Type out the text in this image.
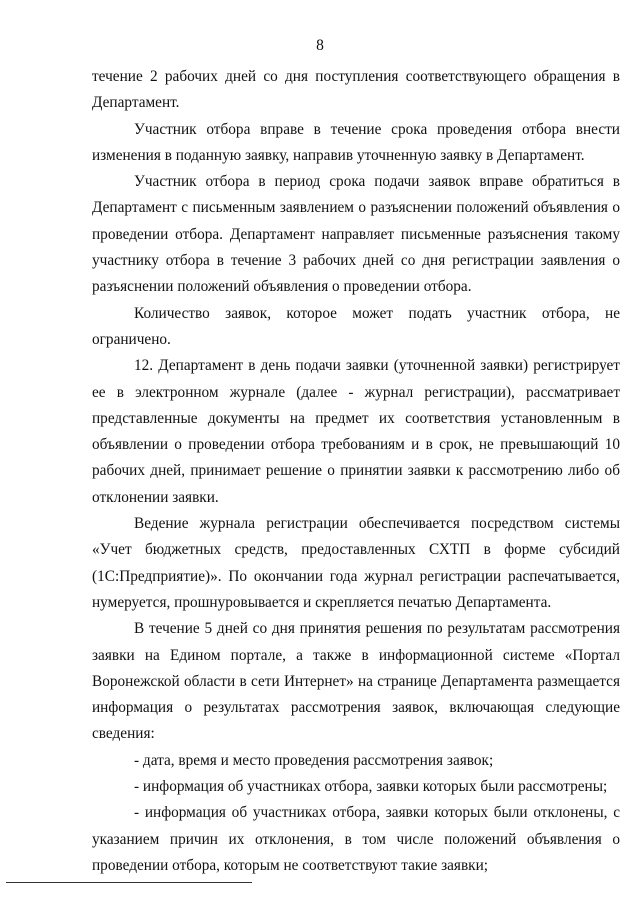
8

течение 2 рабочих дней со дня поступления соответствующего обращения в Департамент.

Участник отбора вправе в течение срока проведения отбора внести изменения в поданную заявку, направив уточненную заявку в Департамент.

Участник отбора в период срока подачи заявок вправе обратиться в Департамент с письменным заявлением о разъяснении положений объявления о проведении отбора. Департамент направляет письменные разъяснения такому участнику отбора в течение 3 рабочих дней со дня регистрации заявления о разъяснении положений объявления о проведении отбора.

Количество заявок, которое может подать участник отбора, не ограничено.

12. Департамент в день подачи заявки (уточненной заявки) регистрирует ее в электронном журнале (далее - журнал регистрации), рассматривает представленные документы на предмет их соответствия установленным в объявлении о проведении отбора требованиям и в срок, не превышающий 10 рабочих дней, принимает решение о принятии заявки к рассмотрению либо об отклонении заявки.

Ведение журнала регистрации обеспечивается посредством системы «Учет бюджетных средств, предоставленных СХТП в форме субсидий (1С:Предприятие)». По окончании года журнал регистрации распечатывается, нумеруется, прошнуровывается и скрепляется печатью Департамента.

В течение 5 дней со дня принятия решения по результатам рассмотрения заявки на Едином портале, а также в информационной системе «Портал Воронежской области в сети Интернет» на странице Департамента размещается информация о результатах рассмотрения заявок, включающая следующие сведения:

- дата, время и место проведения рассмотрения заявок;

- информация об участниках отбора, заявки которых были рассмотрены;

- информация об участниках отбора, заявки которых были отклонены, с указанием причин их отклонения, в том числе положений объявления о проведении отбора, которым не соответствуют такие заявки;
